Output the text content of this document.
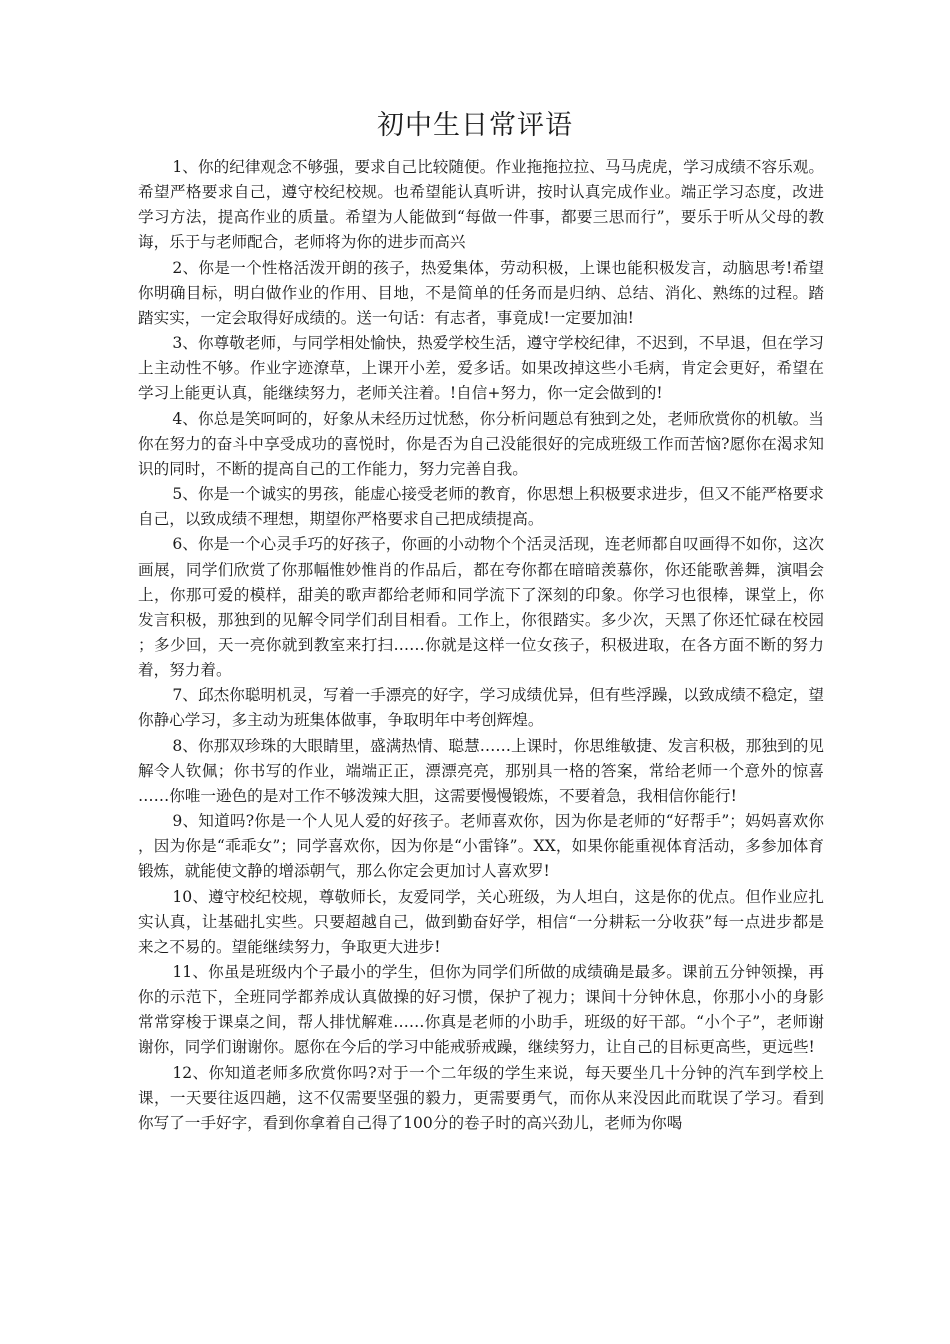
初中生日常评语

1、你的纪律观念不够强，要求自己比较随便。作业拖拖拉拉、马马虎虎，学习成绩不容乐观。希望严格要求自己，遵守校纪校规。也希望能认真听讲，按时认真完成作业。端正学习态度，改进学习方法，提高作业的质量。希望为人能做到“每做一件事，都要三思而行”，要乐于听从父母的教诲，乐于与老师配合，老师将为你的进步而高兴

2、你是一个性格活泼开朗的孩子，热爱集体，劳动积极，上课也能积极发言，动脑思考!希望你明确目标，明白做作业的作用、目地，不是简单的任务而是归纳、总结、消化、熟练的过程。踏踏实实，一定会取得好成绩的。送一句话：有志者，事竟成!一定要加油!

3、你尊敬老师，与同学相处愉快，热爱学校生活，遵守学校纪律，不迟到，不早退，但在学习上主动性不够。作业字迹潦草，上课开小差，爱多话。如果改掉这些小毛病，肯定会更好，希望在学习上能更认真，能继续努力，老师关注着。!自信+努力，你一定会做到的!

4、你总是笑呵呵的，好象从未经历过忧愁，你分析问题总有独到之处，老师欣赏你的机敏。当你在努力的奋斗中享受成功的喜悦时，你是否为自己没能很好的完成班级工作而苦恼?愿你在渴求知识的同时，不断的提高自己的工作能力，努力完善自我。

5、你是一个诚实的男孩，能虚心接受老师的教育，你思想上积极要求进步，但又不能严格要求自己，以致成绩不理想，期望你严格要求自己把成绩提高。

6、你是一个心灵手巧的好孩子，你画的小动物个个活灵活现，连老师都自叹画得不如你，这次画展，同学们欣赏了你那幅惟妙惟肖的作品后，都在夸你都在暗暗羡慕你，你还能歌善舞，演唱会上，你那可爱的模样，甜美的歌声都给老师和同学流下了深刻的印象。你学习也很棒，课堂上，你发言积极，那独到的见解令同学们刮目相看。工作上，你很踏实。多少次，天黑了你还忙碌在校园；多少回，天一亮你就到教室来打扫……你就是这样一位女孩子，积极进取，在各方面不断的努力着，努力着。

7、邱杰你聪明机灵，写着一手漂亮的好字，学习成绩优异，但有些浮躁，以致成绩不稳定，望你静心学习，多主动为班集体做事，争取明年中考创辉煌。

8、你那双珍珠的大眼睛里，盛满热情、聪慧……上课时，你思维敏捷、发言积极，那独到的见解令人钦佩；你书写的作业，端端正正，漂漂亮亮，那别具一格的答案，常给老师一个意外的惊喜……你唯一逊色的是对工作不够泼辣大胆，这需要慢慢锻炼，不要着急，我相信你能行!

9、知道吗?你是一个人见人爱的好孩子。老师喜欢你，因为你是老师的“好帮手”；妈妈喜欢你，因为你是“乖乖女”；同学喜欢你，因为你是“小雷锋”。XX，如果你能重视体育活动，多参加体育锻炼，就能使文静的增添朝气，那么你定会更加讨人喜欢罗!

10、遵守校纪校规，尊敬师长，友爱同学，关心班级，为人坦白，这是你的优点。但作业应扎实认真，让基础扎实些。只要超越自己，做到勤奋好学，相信“一分耕耘一分收获”每一点进步都是来之不易的。望能继续努力，争取更大进步!

11、你虽是班级内个子最小的学生，但你为同学们所做的成绩确是最多。课前五分钟领操，再你的示范下，全班同学都养成认真做操的好习惯，保护了视力；课间十分钟休息，你那小小的身影常常穿梭于课桌之间，帮人排忧解难……你真是老师的小助手，班级的好干部。“小个子”，老师谢谢你，同学们谢谢你。愿你在今后的学习中能戒骄戒躁，继续努力，让自己的目标更高些，更远些!

12、你知道老师多欣赏你吗?对于一个二年级的学生来说，每天要坐几十分钟的汽车到学校上课，一天要往返四趟，这不仅需要坚强的毅力，更需要勇气，而你从来没因此而耽误了学习。看到你写了一手好字，看到你拿着自己得了100分的卷子时的高兴劲儿，老师为你喝
